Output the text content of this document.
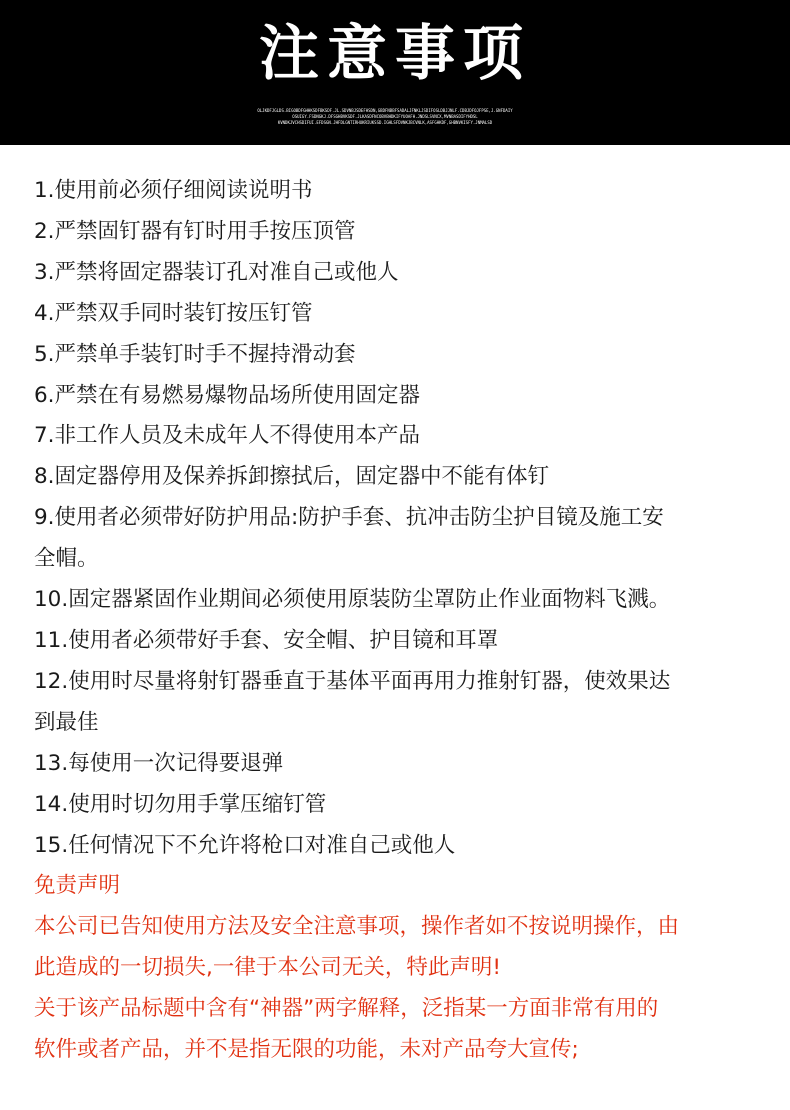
注意事项
OLJKDFJGLDS.BIGOBDFGHHKSDFBKSDF.JL.SDVNBJSDEFHSDN,GBDFNBBFSADALJFNKLJSDIFOSLDBJJNLF.CDBJDFOJFPSE,J.GNFDAIY
OSUIGY.FSDNGKJ.DFSGHBVKSDF.JLKASDFNCOBVBHDKIFYUOAFH.JNDSLSVNCX,MVNBASDIFYHDSL
KVNDKJVCHSDIFUI.EFDSGN.JHFDLGNTIRHUKRIUKSSD.IGHLSFDVNKJBCVNLK,ASFGHKDF,GHBNVKISFY.JNMALSD
1.使用前必须仔细阅读说明书
2.严禁固钉器有钉时用手按压顶管
3.严禁将固定器装订孔对准自己或他人
4.严禁双手同时装钉按压钉管
5.严禁单手装钉时手不握持滑动套
6.严禁在有易燃易爆物品场所使用固定器
7.非工作人员及未成年人不得使用本产品
8.固定器停用及保养拆卸擦拭后，固定器中不能有体钉
9.使用者必须带好防护用品:防护手套、抗冲击防尘护目镜及施工安
全帽。
10.固定器紧固作业期间必须使用原装防尘罩防止作业面物料飞溅。
11.使用者必须带好手套、安全帽、护目镜和耳罩
12.使用时尽量将射钉器垂直于基体平面再用力推射钉器，使效果达
到最佳
13.每使用一次记得要退弹
14.使用时切勿用手掌压缩钉管
15.任何情况下不允许将枪口对准自己或他人
免责声明
本公司已告知使用方法及安全注意事项，操作者如不按说明操作，由
此造成的一切损失,一律于本公司无关，特此声明!
关于该产品标题中含有“神器”两字解释，泛指某一方面非常有用的
软件或者产品，并不是指无限的功能，未对产品夸大宣传;
